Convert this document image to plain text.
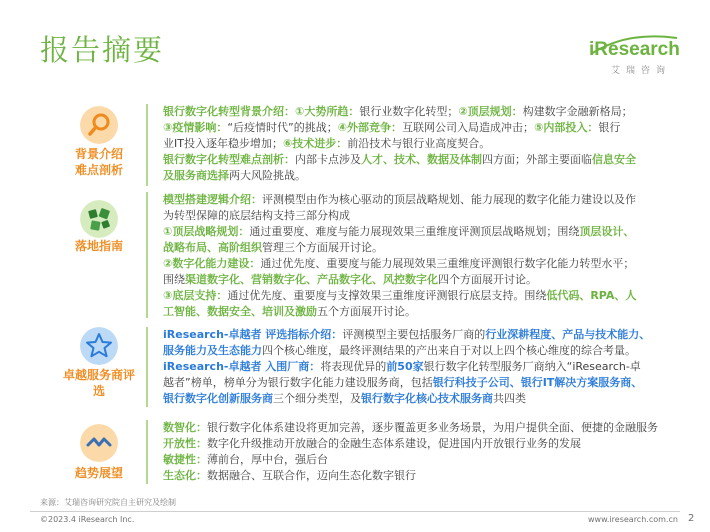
报告摘要	iResearch
艾瑞咨询
背景介绍
难点剖析

银行数字化转型背景介绍：①大势所趋：银行业数字化转型；②顶层规划：构建数字金融新格局；

③疫情影响：“后疫情时代”的挑战；④外部竞争：互联网公司入局造成冲击；⑤内部投入：银行

业IT投入逐年稳步增加；⑥技术进步：前沿技术与银行业高度契合。

银行数字化转型难点剖析：内部卡点涉及人才、技术、数据及体制四方面；外部主要面临信息安全

及服务商选择两大风险挑战。

落地指南

模型搭建逻辑介绍：评测模型由作为核心驱动的顶层战略规划、能力展现的数字化能力建设以及作

为转型保障的底层结构支持三部分构成

①顶层战略规划：通过重要度、难度与能力展现效果三重维度评测顶层战略规划；围绕顶层设计、

战略布局、高阶组织管理三个方面展开讨论。

②数字化能力建设：通过优先度、重要度与能力展现效果三重维度评测银行数字化能力转型水平；

围绕渠道数字化、营销数字化、产品数字化、风控数字化四个方面展开讨论。

③底层支持：通过优先度、重要度与支撑效果三重维度评测银行底层支持。围绕低代码、RPA、人

工智能、数据安全、培训及激励五个方面展开讨论。

卓越服务商评选

iResearch-卓越者 评选指标介绍：评测模型主要包括服务厂商的行业深耕程度、产品与技术能力、

服务能力及生态能力四个核心维度，最终评测结果的产出来自于对以上四个核心维度的综合考量。

iResearch-卓越者 入围厂商：将表现优异的前50家银行数字化转型服务厂商纳入“iResearch-卓

越者”榜单，榜单分为银行数字化能力建设服务商，包括银行科技子公司、银行IT解决方案服务商、

银行数字化创新服务商三个细分类型，及银行数字化核心技术服务商共四类

趋势展望

数智化：银行数字化体系建设将更加完善，逐步覆盖更多业务场景，为用户提供全面、便捷的金融服务

开放性：数字化升级推动开放融合的金融生态体系建设，促进国内开放银行业务的发展

敏捷性：薄前台，厚中台，强后台

生态化：数据融合、互联合作，迈向生态化数字银行

来源：艾瑞咨询研究院自主研究及绘制
©2023.4 iResearch Inc.	www.iresearch.com.cn 2
